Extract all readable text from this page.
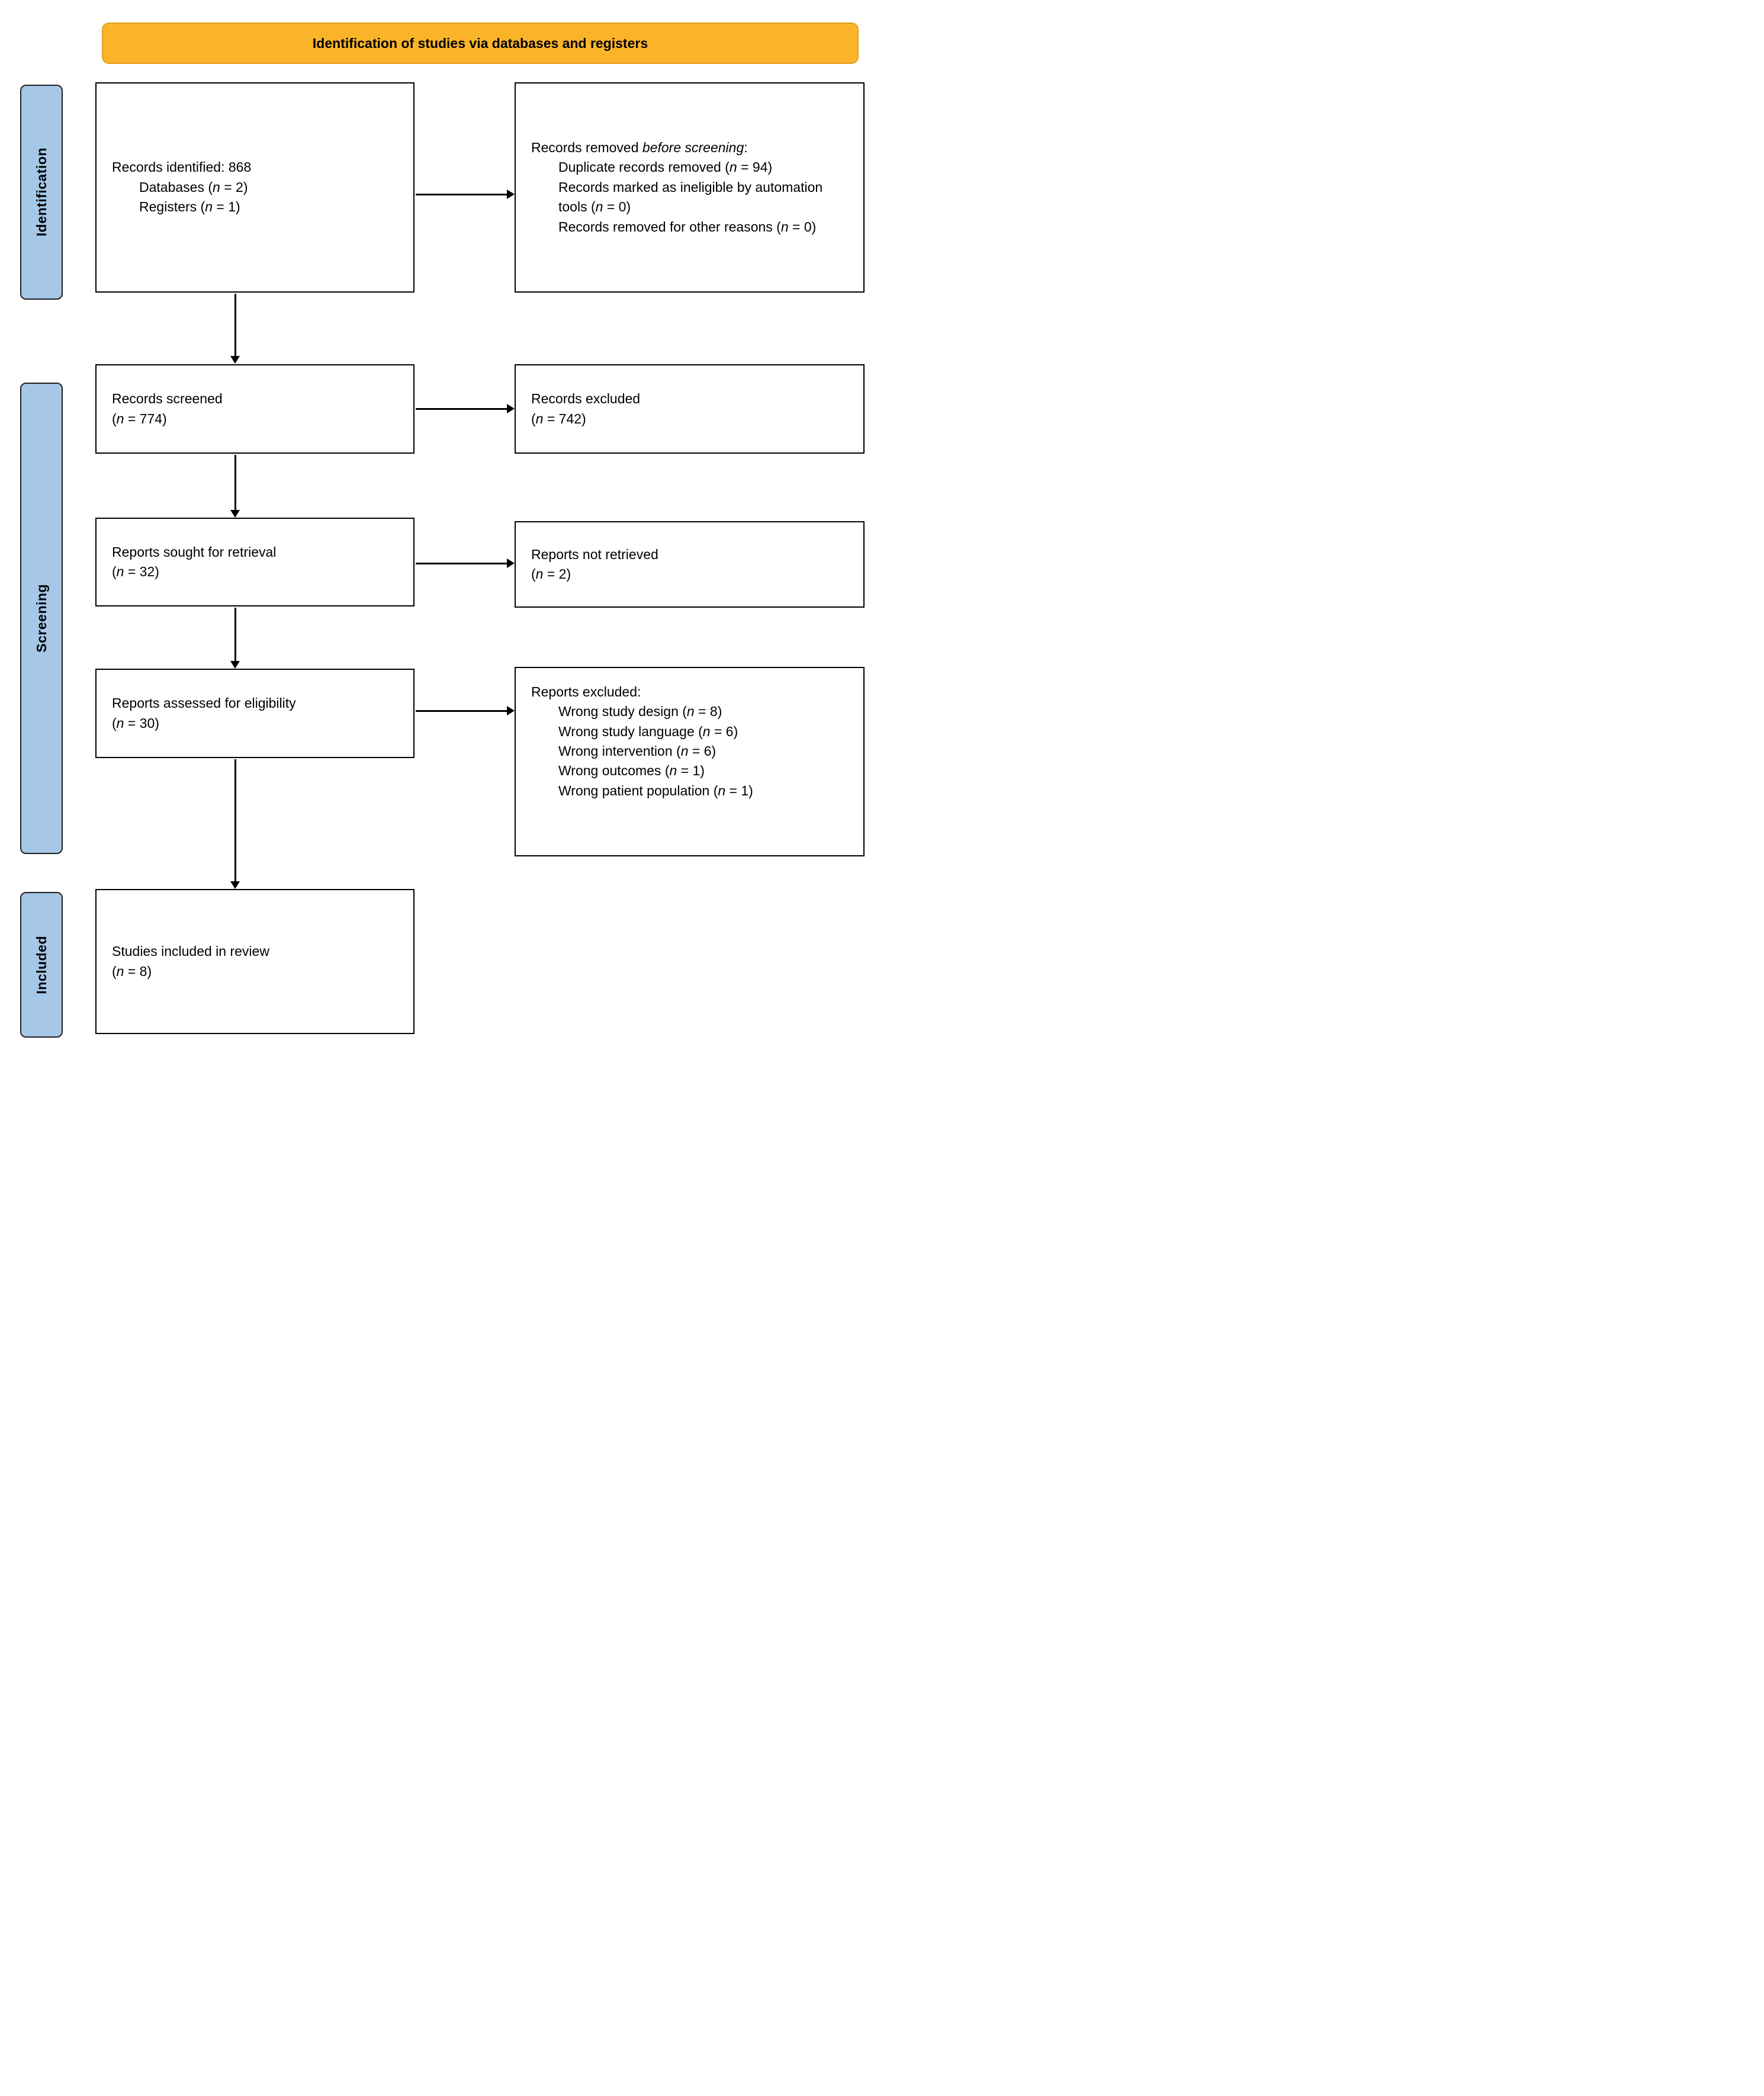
Identification of studies via databases and registers
Identification
Screening
Included
Records identified: 868
Databases (n = 2)
Registers (n = 1)
Records removed before screening:
Duplicate records removed (n = 94)
Records marked as ineligible by automation tools (n = 0)
Records removed for other reasons (n = 0)
Records screened
(n = 774)
Records excluded
(n = 742)
Reports sought for retrieval
(n = 32)
Reports not retrieved
(n = 2)
Reports assessed for eligibility
(n = 30)
Reports excluded:
Wrong study design (n = 8)
Wrong study language (n = 6)
Wrong intervention (n = 6)
Wrong outcomes (n = 1)
Wrong patient population (n = 1)
Studies included in review
(n = 8)
